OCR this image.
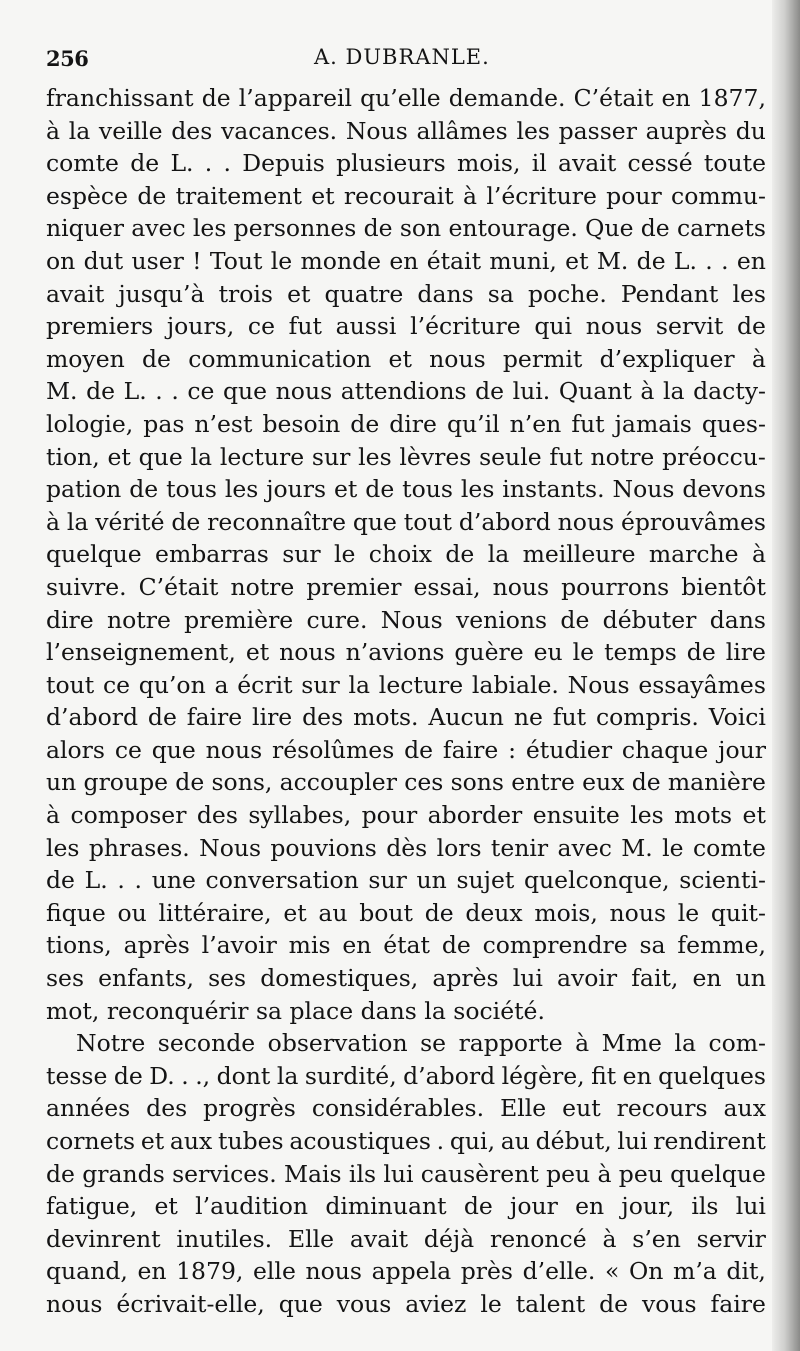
256	A. DUBRANLE.
franchissant de l’appareil qu’elle demande. C’était en 1877,
à la veille des vacances. Nous allâmes les passer auprès du
comte de L. . . Depuis plusieurs mois, il avait cessé toute
espèce de traitement et recourait à l’écriture pour commu-
niquer avec les personnes de son entourage. Que de carnets
on dut user ! Tout le monde en était muni, et M. de L. . . en
avait jusqu’à trois et quatre dans sa poche. Pendant les
premiers jours, ce fut aussi l’écriture qui nous servit de
moyen de communication et nous permit d’expliquer à
M. de L. . . ce que nous attendions de lui. Quant à la dacty-
lologie, pas n’est besoin de dire qu’il n’en fut jamais ques-
tion, et que la lecture sur les lèvres seule fut notre préoccu-
pation de tous les jours et de tous les instants. Nous devons
à la vérité de reconnaître que tout d’abord nous éprouvâmes
quelque embarras sur le choix de la meilleure marche à
suivre. C’était notre premier essai, nous pourrons bientôt
dire notre première cure. Nous venions de débuter dans
l’enseignement, et nous n’avions guère eu le temps de lire
tout ce qu’on a écrit sur la lecture labiale. Nous essayâmes
d’abord de faire lire des mots. Aucun ne fut compris. Voici
alors ce que nous résolûmes de faire : étudier chaque jour
un groupe de sons, accoupler ces sons entre eux de manière
à composer des syllabes, pour aborder ensuite les mots et
les phrases. Nous pouvions dès lors tenir avec M. le comte
de L. . . une conversation sur un sujet quelconque, scienti-
fique ou littéraire, et au bout de deux mois, nous le quit-
tions, après l’avoir mis en état de comprendre sa femme,
ses enfants, ses domestiques, après lui avoir fait, en un
mot, reconquérir sa place dans la société.
Notre seconde observation se rapporte à Mme la com-
tesse de D. . ., dont la surdité, d’abord légère, fit en quelques
années des progrès considérables. Elle eut recours aux
cornets et aux tubes acoustiques . qui, au début, lui rendirent
de grands services. Mais ils lui causèrent peu à peu quelque
fatigue, et l’audition diminuant de jour en jour, ils lui
devinrent inutiles. Elle avait déjà renoncé à s’en servir
quand, en 1879, elle nous appela près d’elle. « On m’a dit,
nous écrivait-elle, que vous aviez le talent de vous faire
